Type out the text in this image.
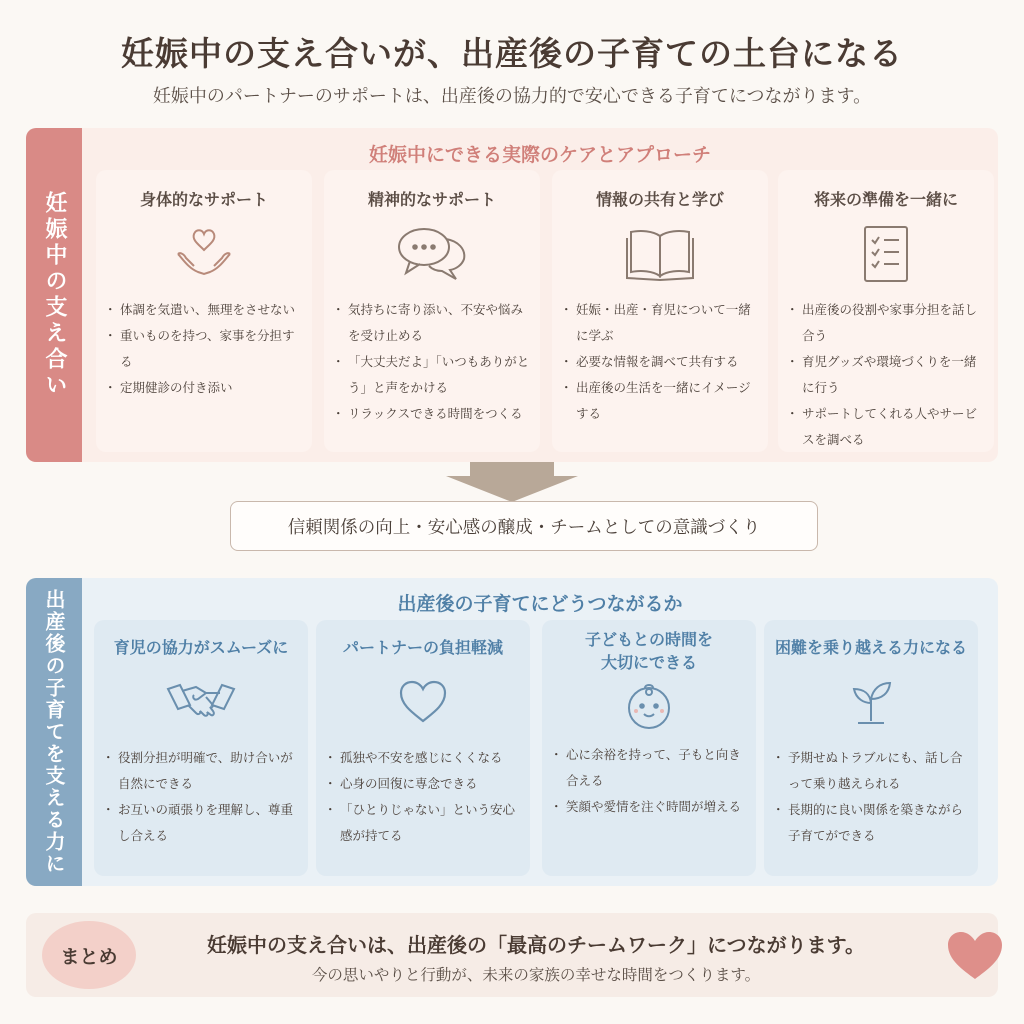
妊娠中の支え合いが、出産後の子育ての土台になる
妊娠中のパートナーのサポートは、出産後の協力的で安心できる子育てにつながります。
妊娠中の支え合い
妊娠中にできる実際のケアとアプローチ
身体的なサポート
・ 体調を気遣い、無理をさせない
・ 重いものを持つ、家事を分担する
・ 定期健診の付き添い
精神的なサポート
・ 気持ちに寄り添い、不安や悩みを受け止める
・ 「大丈夫だよ」「いつもありがとう」と声をかける
・ リラックスできる時間をつくる
情報の共有と学び
・ 妊娠・出産・育児について一緒に学ぶ
・ 必要な情報を調べて共有する
・ 出産後の生活を一緒にイメージする
将来の準備を一緒に
・ 出産後の役割や家事分担を話し合う
・ 育児グッズや環境づくりを一緒に行う
・ サポートしてくれる人やサービスを調べる
信頼関係の向上・安心感の醸成・チームとしての意識づくり
出産後の子育てを支える力に	出産後の子育てにどうつながるか
育児の協力がスムーズに
・ 役割分担が明確で、助け合いが自然にできる
・ お互いの頑張りを理解し、尊重し合える
パートナーの負担軽減
・ 孤独や不安を感じにくくなる
・ 心身の回復に専念できる
・ 「ひとりじゃない」という安心感が持てる
子どもとの時間を
大切にできる
・ 心に余裕を持って、子もと向き合える
・ 笑顔や愛情を注ぐ時間が増える
困難を乗り越える力になる
・ 予期せぬトラブルにも、話し合って乗り越えられる
・ 長期的に良い関係を築きながら子育てができる
まとめ	妊娠中の支え合いは、出産後の「最高のチームワーク」につながります。
今の思いやりと行動が、未来の家族の幸せな時間をつくります。
